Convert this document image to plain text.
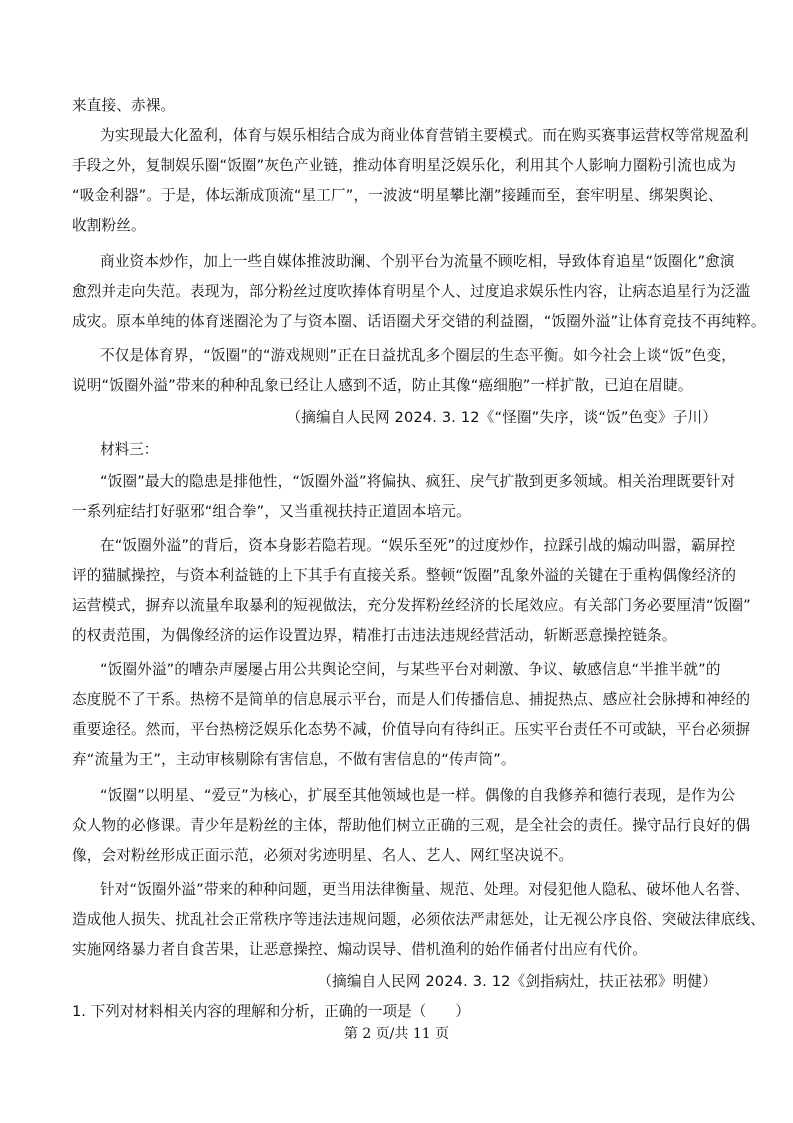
来直接、赤裸。
为实现最大化盈利，体育与娱乐相结合成为商业体育营销主要模式。而在购买赛事运营权等常规盈利
手段之外，复制娱乐圈“饭圈”灰色产业链，推动体育明星泛娱乐化，利用其个人影响力圈粉引流也成为
“吸金利器”。于是，体坛渐成顶流“星工厂”，一波波“明星攀比潮”接踵而至，套牢明星、绑架舆论、
收割粉丝。
商业资本炒作，加上一些自媒体推波助澜、个别平台为流量不顾吃相，导致体育追星“饭圈化”愈演
愈烈并走向失范。表现为，部分粉丝过度吹捧体育明星个人、过度追求娱乐性内容，让病态追星行为泛滥
成灾。原本单纯的体育迷圈沦为了与资本圈、话语圈犬牙交错的利益圈，“饭圈外溢”让体育竞技不再纯粹。
不仅是体育界，“饭圈”的“游戏规则”正在日益扰乱多个圈层的生态平衡。如今社会上谈“饭”色变，
说明“饭圈外溢”带来的种种乱象已经让人感到不适，防止其像“癌细胞”一样扩散，已迫在眉睫。
（摘编自人民网 2024. 3. 12《“怪圈”失序，谈“饭”色变》子川）
材料三：
“饭圈”最大的隐患是排他性，“饭圈外溢”将偏执、疯狂、戾气扩散到更多领域。相关治理既要针对
一系列症结打好驱邪“组合拳”，又当重视扶持正道固本培元。
在“饭圈外溢”的背后，资本身影若隐若现。“娱乐至死”的过度炒作，拉踩引战的煽动叫嚣，霸屏控
评的猫腻操控，与资本利益链的上下其手有直接关系。整顿“饭圈”乱象外溢的关键在于重构偶像经济的
运营模式，摒弃以流量牟取暴利的短视做法，充分发挥粉丝经济的长尾效应。有关部门务必要厘清“饭圈”
的权责范围，为偶像经济的运作设置边界，精准打击违法违规经营活动，斩断恶意操控链条。
“饭圈外溢”的嘈杂声屡屡占用公共舆论空间，与某些平台对刺激、争议、敏感信息“半推半就”的
态度脱不了干系。热榜不是简单的信息展示平台，而是人们传播信息、捕捉热点、感应社会脉搏和神经的
重要途径。然而，平台热榜泛娱乐化态势不减，价值导向有待纠正。压实平台责任不可或缺，平台必须摒
弃“流量为王”，主动审核剔除有害信息，不做有害信息的“传声筒”。
“饭圈”以明星、“爱豆”为核心，扩展至其他领域也是一样。偶像的自我修养和德行表现，是作为公
众人物的必修课。青少年是粉丝的主体，帮助他们树立正确的三观，是全社会的责任。操守品行良好的偶
像，会对粉丝形成正面示范，必须对劣迹明星、名人、艺人、网红坚决说不。
针对“饭圈外溢”带来的种种问题，更当用法律衡量、规范、处理。对侵犯他人隐私、破坏他人名誉、
造成他人损失、扰乱社会正常秩序等违法违规问题，必须依法严肃惩处，让无视公序良俗、突破法律底线、
实施网络暴力者自食苦果，让恶意操控、煽动误导、借机渔利的始作俑者付出应有代价。
（摘编自人民网 2024. 3. 12《剑指病灶，扶正祛邪》明健）
1. 下列对材料相关内容的理解和分析，正确的一项是（　　）
第 2 页/共 11 页
